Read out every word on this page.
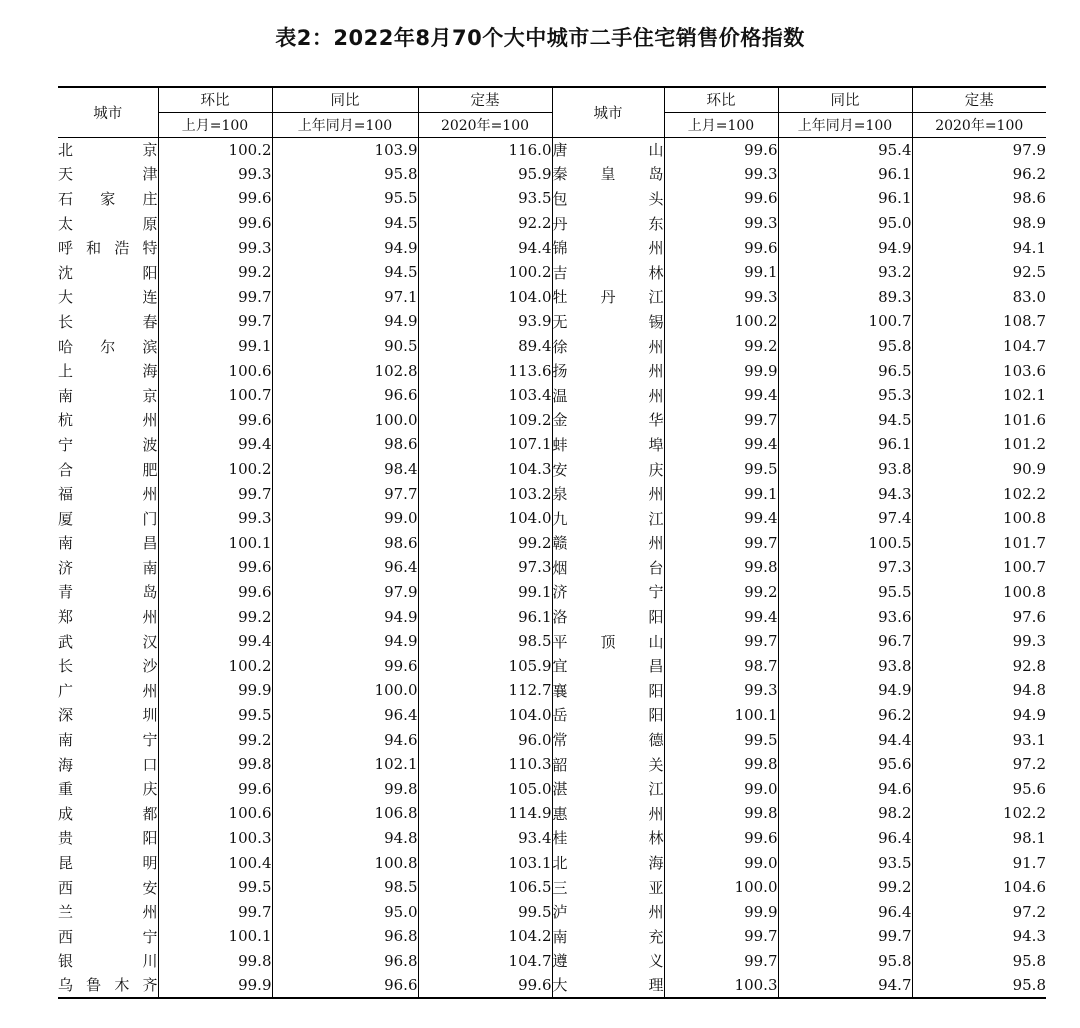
表2：2022年8月70个大中城市二手住宅销售价格指数
城市	环比	同比	定基	城市	环比	同比	定基
	上月=100	上年同月=100	2020年=100		上月=100	上年同月=100	2020年=100
北　京	100.2	103.9	116.0	唐　山	99.6	95.4	97.9
天　津	99.3	95.8	95.9	秦皇岛	99.3	96.1	96.2
石家庄	99.6	95.5	93.5	包　头	99.6	96.1	98.6
太　原	99.6	94.5	92.2	丹　东	99.3	95.0	98.9
呼和浩特	99.3	94.9	94.4	锦　州	99.6	94.9	94.1
沈　阳	99.2	94.5	100.2	吉　林	99.1	93.2	92.5
大　连	99.7	97.1	104.0	牡丹江	99.3	89.3	83.0
长　春	99.7	94.9	93.9	无　锡	100.2	100.7	108.7
哈尔滨	99.1	90.5	89.4	徐　州	99.2	95.8	104.7
上　海	100.6	102.8	113.6	扬　州	99.9	96.5	103.6
南　京	100.7	96.6	103.4	温　州	99.4	95.3	102.1
杭　州	99.6	100.0	109.2	金　华	99.7	94.5	101.6
宁　波	99.4	98.6	107.1	蚌　埠	99.4	96.1	101.2
合　肥	100.2	98.4	104.3	安　庆	99.5	93.8	90.9
福　州	99.7	97.7	103.2	泉　州	99.1	94.3	102.2
厦　门	99.3	99.0	104.0	九　江	99.4	97.4	100.8
南　昌	100.1	98.6	99.2	赣　州	99.7	100.5	101.7
济　南	99.6	96.4	97.3	烟　台	99.8	97.3	100.7
青　岛	99.6	97.9	99.1	济　宁	99.2	95.5	100.8
郑　州	99.2	94.9	96.1	洛　阳	99.4	93.6	97.6
武　汉	99.4	94.9	98.5	平顶山	99.7	96.7	99.3
长　沙	100.2	99.6	105.9	宜　昌	98.7	93.8	92.8
广　州	99.9	100.0	112.7	襄　阳	99.3	94.9	94.8
深　圳	99.5	96.4	104.0	岳　阳	100.1	96.2	94.9
南　宁	99.2	94.6	96.0	常　德	99.5	94.4	93.1
海　口	99.8	102.1	110.3	韶　关	99.8	95.6	97.2
重　庆	99.6	99.8	105.0	湛　江	99.0	94.6	95.6
成　都	100.6	106.8	114.9	惠　州	99.8	98.2	102.2
贵　阳	100.3	94.8	93.4	桂　林	99.6	96.4	98.1
昆　明	100.4	100.8	103.1	北　海	99.0	93.5	91.7
西　安	99.5	98.5	106.5	三　亚	100.0	99.2	104.6
兰　州	99.7	95.0	99.5	泸　州	99.9	96.4	97.2
西　宁	100.1	96.8	104.2	南　充	99.7	99.7	94.3
银　川	99.8	96.8	104.7	遵　义	99.7	95.8	95.8
乌鲁木齐	99.9	96.6	99.6	大　理	100.3	94.7	95.8
